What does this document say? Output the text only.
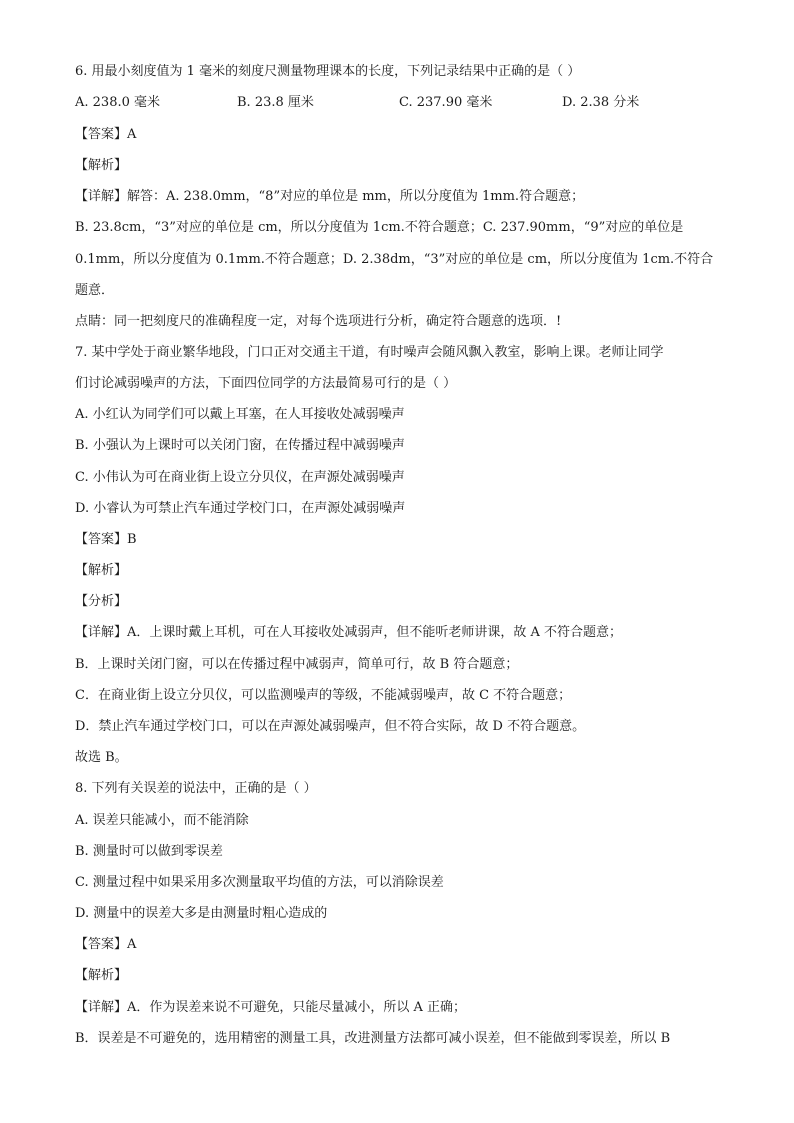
6. 用最小刻度值为 1 毫米的刻度尺测量物理课本的长度，下列记录结果中正确的是（ ）
A. 238.0 毫米	B. 23.8 厘米	C. 237.90 毫米	D. 2.38 分米
【答案】A
【解析】
【详解】解答：A. 238.0mm，“8”对应的单位是 mm，所以分度值为 1mm.符合题意；
B. 23.8cm，“3”对应的单位是 cm，所以分度值为 1cm.不符合题意；C. 237.90mm，“9”对应的单位是
0.1mm，所以分度值为 0.1mm.不符合题意；D. 2.38dm，“3”对应的单位是 cm，所以分度值为 1cm.不符合
题意．
点睛：同一把刻度尺的准确程度一定，对每个选项进行分析，确定符合题意的选项．!
7. 某中学处于商业繁华地段，门口正对交通主干道，有时噪声会随风飘入教室，影响上课。老师让同学
们讨论减弱噪声的方法，下面四位同学的方法最简易可行的是（ ）
A. 小红认为同学们可以戴上耳塞，在人耳接收处减弱噪声
B. 小强认为上课时可以关闭门窗，在传播过程中减弱噪声
C. 小伟认为可在商业街上设立分贝仪，在声源处减弱噪声
D. 小睿认为可禁止汽车通过学校门口，在声源处减弱噪声
【答案】B
【解析】
【分析】
【详解】A．上课时戴上耳机，可在人耳接收处减弱声，但不能听老师讲课，故 A 不符合题意；
B．上课时关闭门窗，可以在传播过程中减弱声，简单可行，故 B 符合题意；
C．在商业街上设立分贝仪，可以监测噪声的等级，不能减弱噪声，故 C 不符合题意；
D．禁止汽车通过学校门口，可以在声源处减弱噪声，但不符合实际，故 D 不符合题意。
故选 B。
8. 下列有关误差的说法中，正确的是（ ）
A. 误差只能减小，而不能消除
B. 测量时可以做到零误差
C. 测量过程中如果采用多次测量取平均值的方法，可以消除误差
D. 测量中的误差大多是由测量时粗心造成的
【答案】A
【解析】
【详解】A．作为误差来说不可避免，只能尽量减小，所以 A 正确；
B．误差是不可避免的，选用精密的测量工具，改进测量方法都可减小误差，但不能做到零误差，所以 B
